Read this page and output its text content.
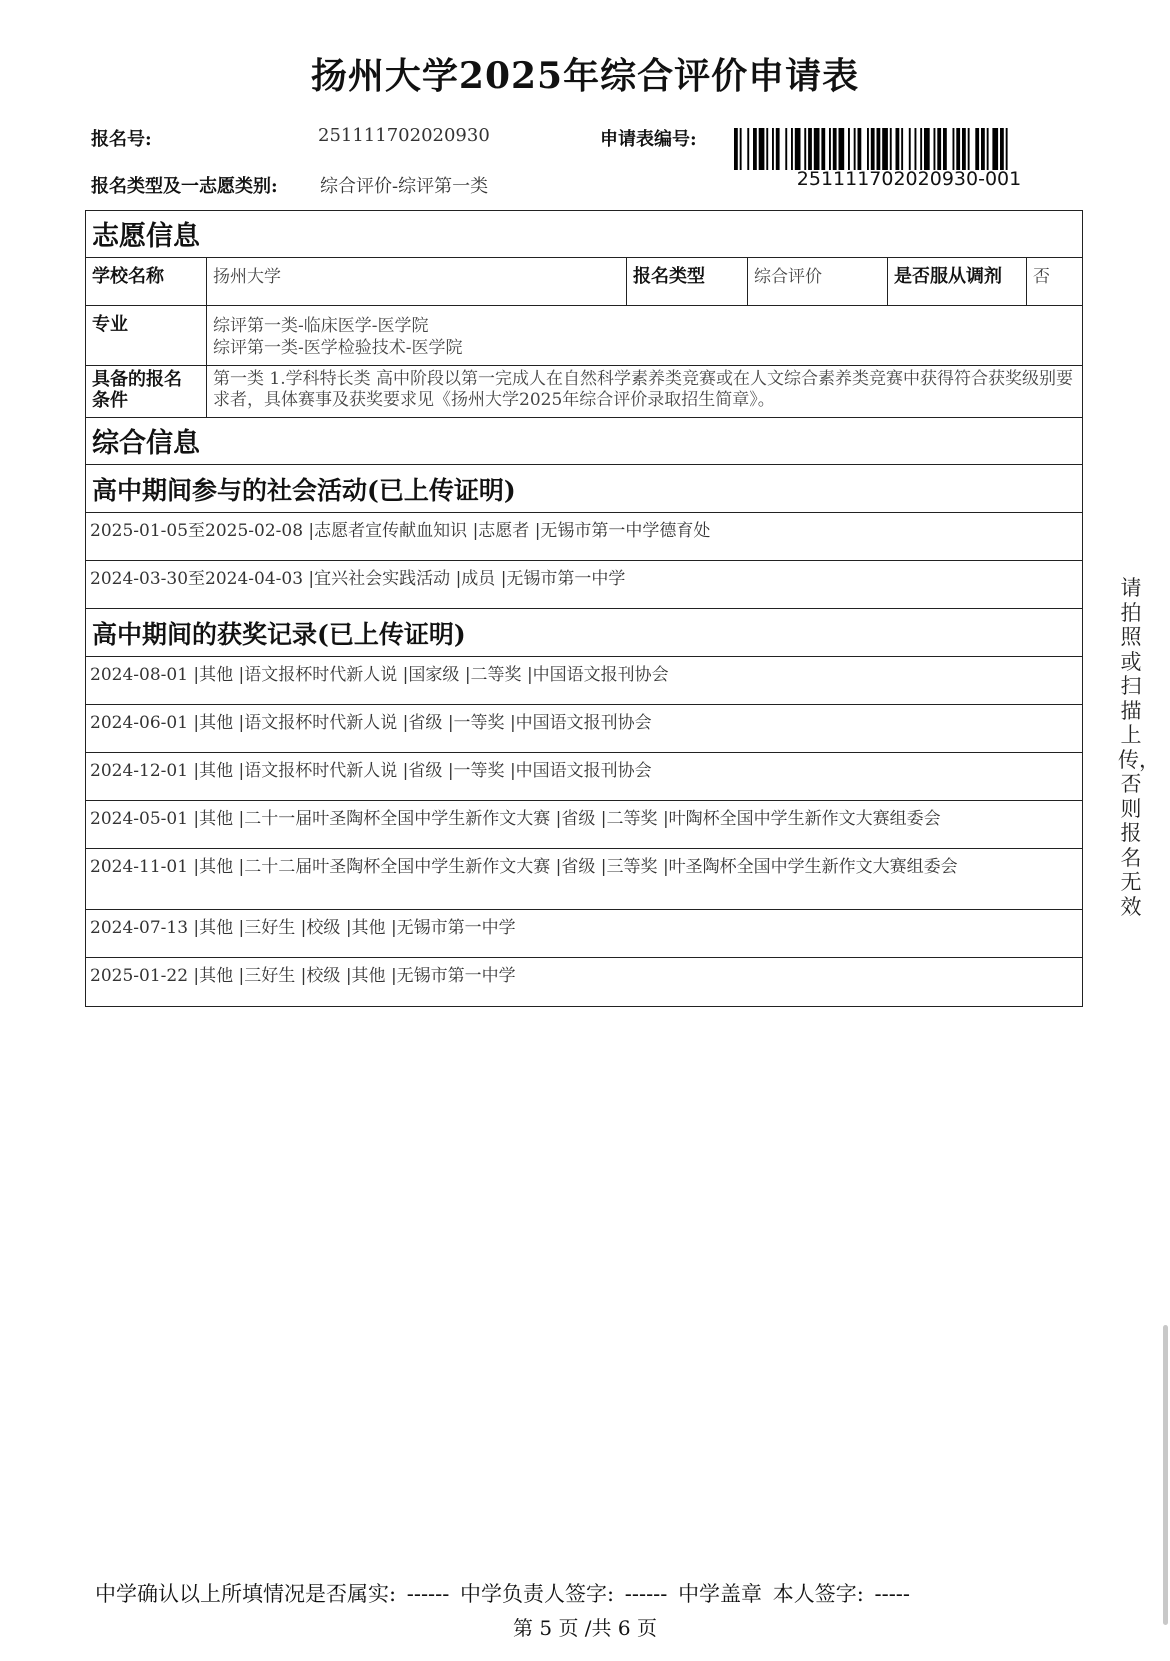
扬州大学2025年综合评价申请表
报名号:	251111702020930	申请表编号:
251111702020930-001
报名类型及一志愿类别: 综合评价-综评第一类
志愿信息
学校名称	扬州大学	报名类型	综合评价	是否服从调剂	否
专业	综评第一类-临床医学-医学院
综评第一类-医学检验技术-医学院
具备的报名
条件
第一类 1.学科特长类 高中阶段以第一完成人在自然科学素养类竞赛或在人文综合素养类竞赛中获得符合获奖级别要求者，具体赛事及获奖要求见《扬州大学2025年综合评价录取招生简章》。
综合信息
高中期间参与的社会活动(已上传证明)
2025-01-05至2025-02-08 |志愿者宣传献血知识 |志愿者 |无锡市第一中学德育处
2024-03-30至2024-04-03 |宜兴社会实践活动 |成员 |无锡市第一中学
高中期间的获奖记录(已上传证明)
2024-08-01 |其他 |语文报杯时代新人说 |国家级 |二等奖 |中国语文报刊协会
2024-06-01 |其他 |语文报杯时代新人说 |省级 |一等奖 |中国语文报刊协会
2024-12-01 |其他 |语文报杯时代新人说 |省级 |一等奖 |中国语文报刊协会
2024-05-01 |其他 |二十一届叶圣陶杯全国中学生新作文大赛 |省级 |二等奖 |叶陶杯全国中学生新作文大赛组委会
2024-11-01 |其他 |二十二届叶圣陶杯全国中学生新作文大赛 |省级 |三等奖 |叶圣陶杯全国中学生新作文大赛组委会
2024-07-13 |其他 |三好生 |校级 |其他 |无锡市第一中学
2025-01-22 |其他 |三好生 |校级 |其他 |无锡市第一中学
请拍照或扫描上传，否则报名无效
中学确认以上所填情况是否属实: ------ 中学负责人签字: ------ 中学盖章 本人签字: -----
第 5 页 /共 6 页
